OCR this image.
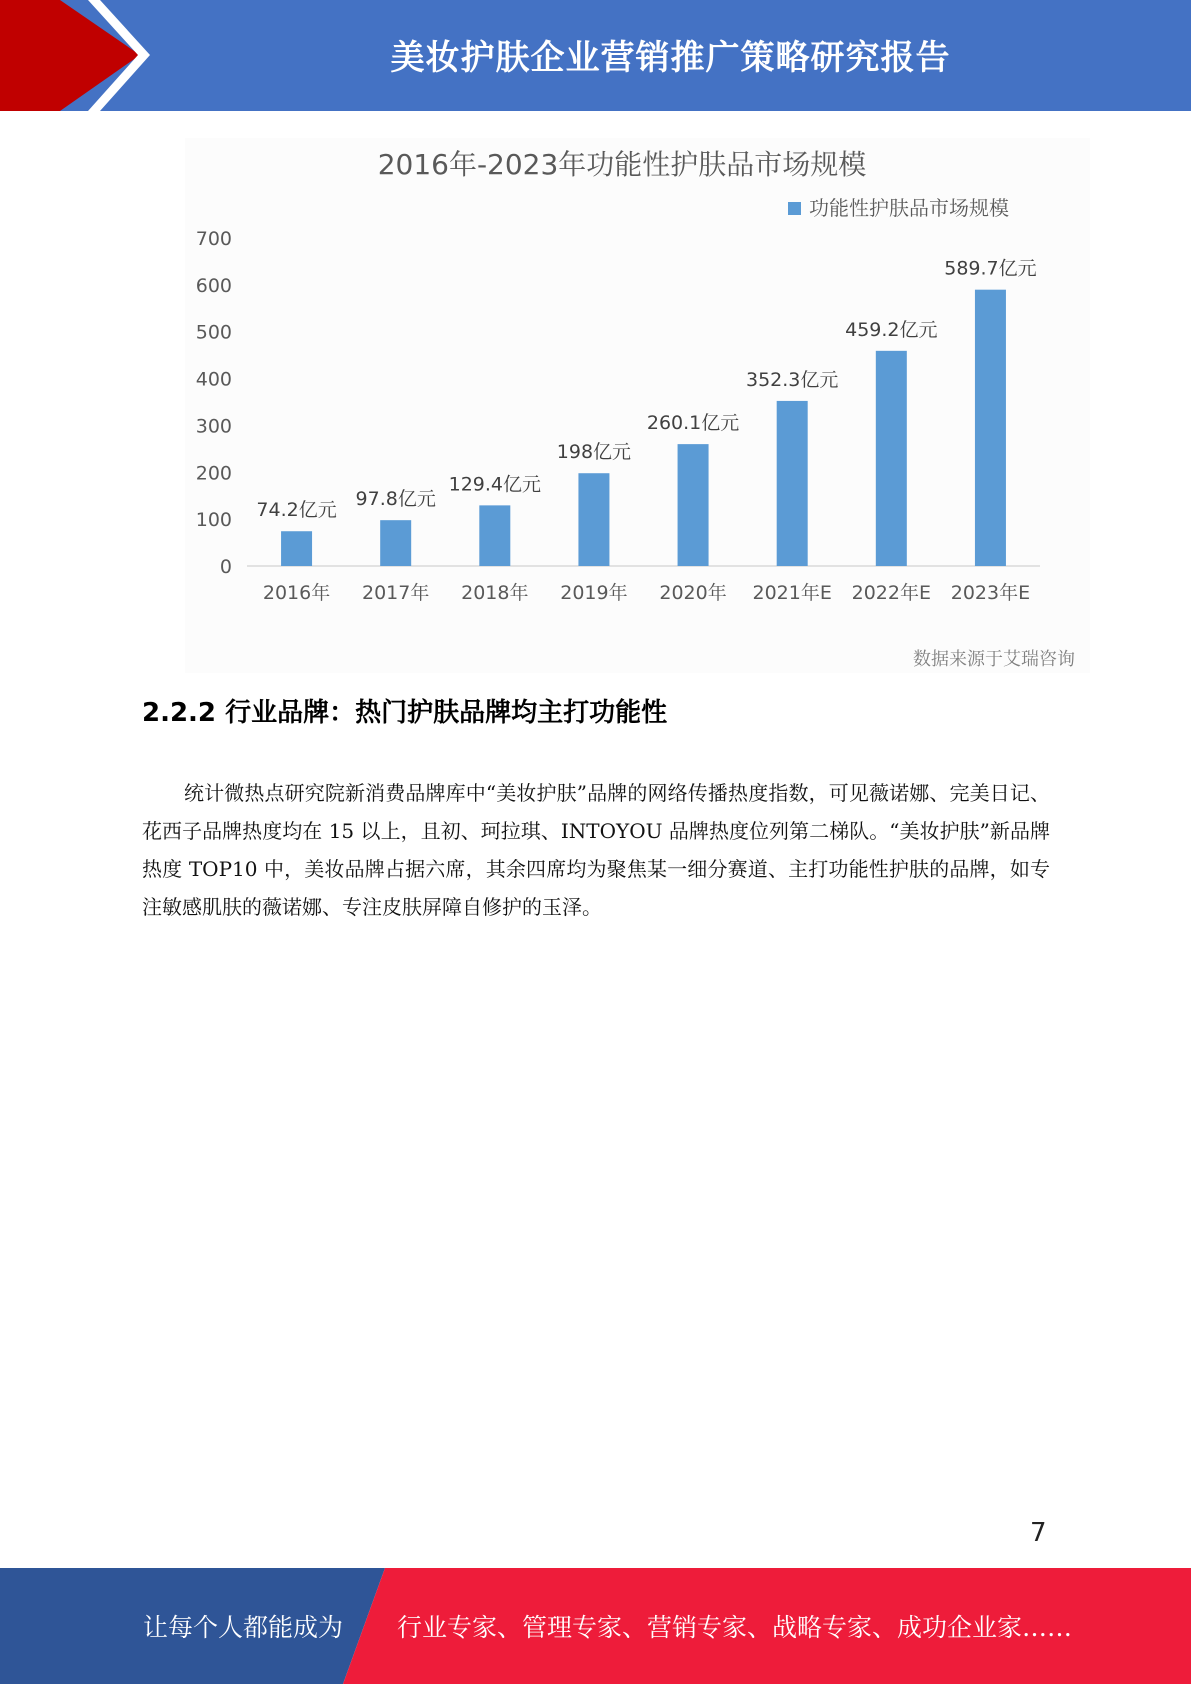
美妆护肤企业营销推广策略研究报告
2016年-2023年功能性护肤品市场规模
功能性护肤品市场规模
0
100
200
300
400
500
600
700
74.2亿元
2016年
97.8亿元
2017年
129.4亿元
2018年
198亿元
2019年
260.1亿元
2020年
352.3亿元
2021年E
459.2亿元
2022年E
589.7亿元
2023年E
数据来源于艾瑞咨询
2.2.2 行业品牌：热门护肤品牌均主打功能性
统计微热点研究院新消费品牌库中“美妆护肤”品牌的网络传播热度指数，可见薇诺娜、完美日记、花西子品牌热度均在 15 以上，且初、珂拉琪、INTOYOU 品牌热度位列第二梯队。“美妆护肤”新品牌热度 TOP10 中，美妆品牌占据六席，其余四席均为聚焦某一细分赛道、主打功能性护肤的品牌，如专注敏感肌肤的薇诺娜、专注皮肤屏障自修护的玉泽。
7
让每个人都能成为 行业专家、管理专家、营销专家、战略专家、成功企业家……
